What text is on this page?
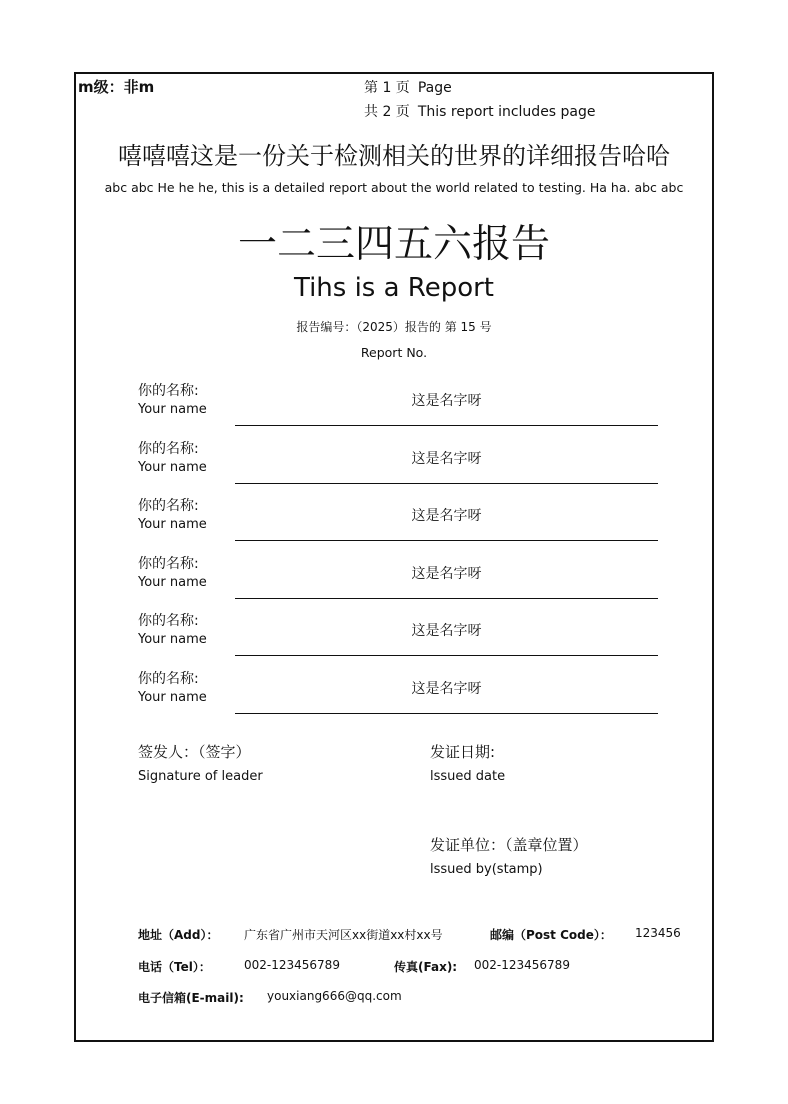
m级：非m	第 1 页 Page
共 2 页 This report includes page
嘻嘻嘻这是一份关于检测相关的世界的详细报告哈哈
abc abc He he he, this is a detailed report about the world related to testing. Ha ha. abc abc
一二三四五六报告
Tihs is a Report
报告编号：（2025）报告的 第 15 号
Report No.
你的名称:
Your name
这是名字呀
你的名称:
Your name
这是名字呀
你的名称:
Your name
这是名字呀
你的名称:
Your name
这是名字呀
你的名称:
Your name
这是名字呀
你的名称:
Your name
这是名字呀
签发人：（签字）
Signature of leader
发证日期:
lssued date
发证单位：（盖章位置）
lssued by(stamp)
地址（Add）： 广东省广州市天河区xx街道xx村xx号	邮编（Post Code）： 123456
电话（Tel）：	002-123456789	传真(Fax): 002-123456789
电子信箱(E-mail): youxiang666@qq.com
